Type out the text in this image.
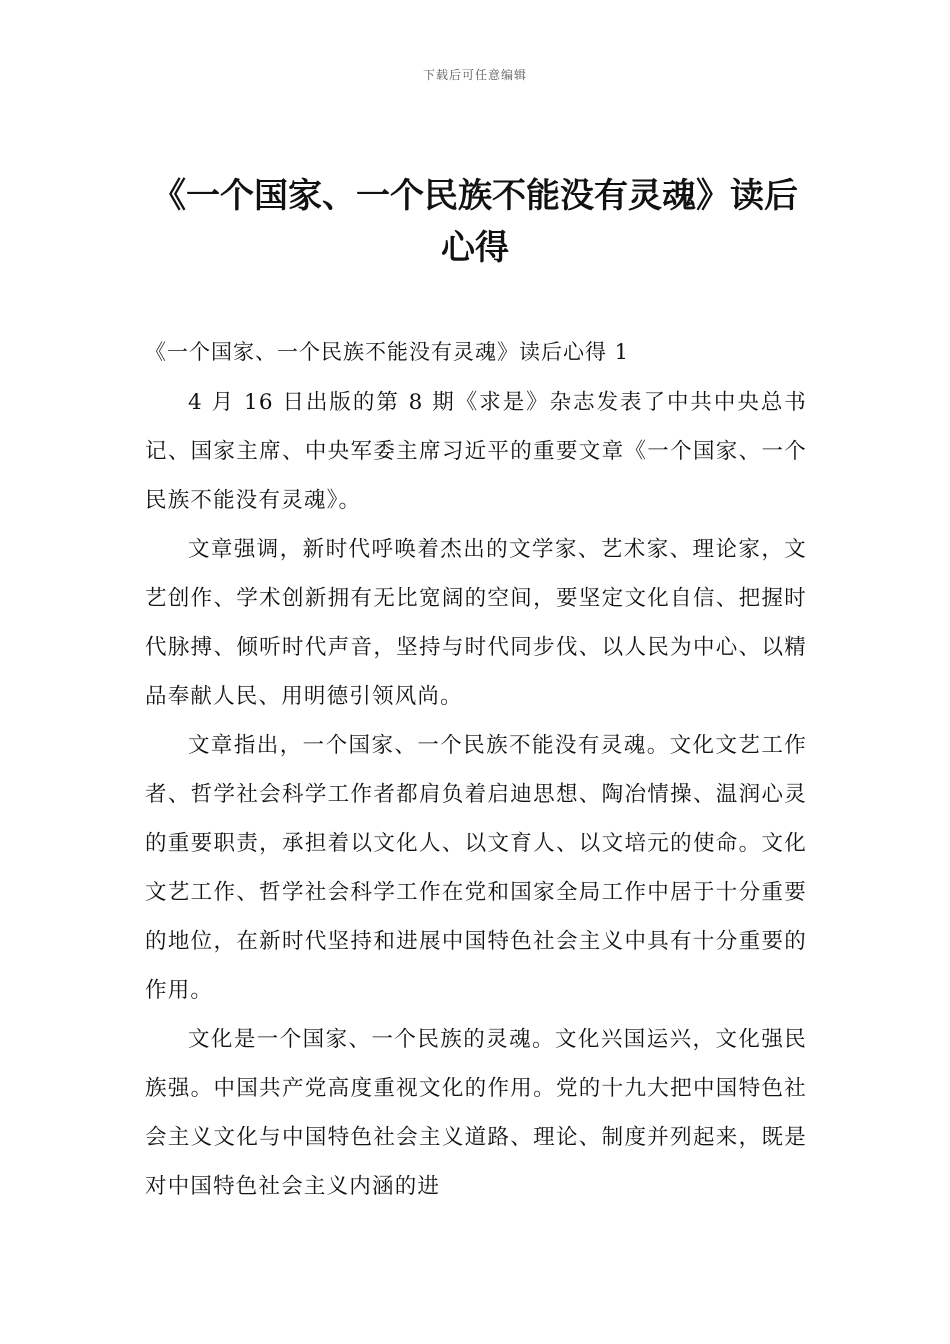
下载后可任意编辑
《一个国家、一个民族不能没有灵魂》读后心得

《一个国家、一个民族不能没有灵魂》读后心得 1

4 月 16 日出版的第 8 期《求是》杂志发表了中共中央总书记、国家主席、中央军委主席习近平的重要文章《一个国家、一个民族不能没有灵魂》。

文章强调，新时代呼唤着杰出的文学家、艺术家、理论家，文艺创作、学术创新拥有无比宽阔的空间，要坚定文化自信、把握时代脉搏、倾听时代声音，坚持与时代同步伐、以人民为中心、以精品奉献人民、用明德引领风尚。

文章指出，一个国家、一个民族不能没有灵魂。文化文艺工作者、哲学社会科学工作者都肩负着启迪思想、陶冶情操、温润心灵的重要职责，承担着以文化人、以文育人、以文培元的使命。文化文艺工作、哲学社会科学工作在党和国家全局工作中居于十分重要的地位，在新时代坚持和进展中国特色社会主义中具有十分重要的作用。

文化是一个国家、一个民族的灵魂。文化兴国运兴，文化强民族强。中国共产党高度重视文化的作用。党的十九大把中国特色社会主义文化与中国特色社会主义道路、理论、制度并列起来，既是对中国特色社会主义内涵的进
